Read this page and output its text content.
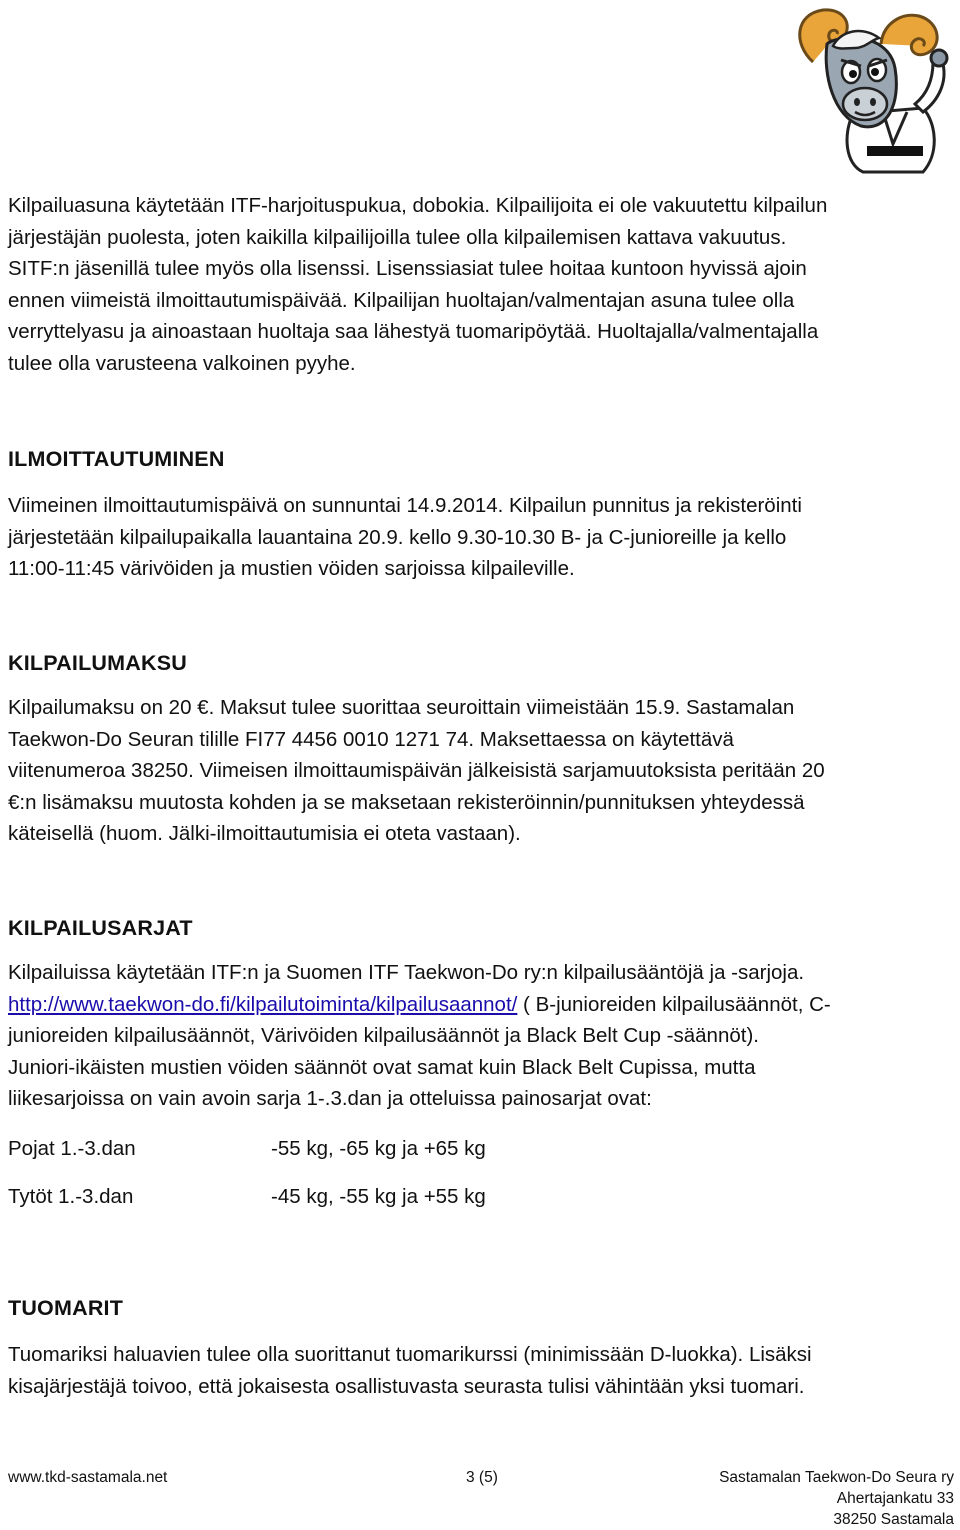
Kilpailuasuna käytetään ITF-harjoituspukua, dobokia. Kilpailijoita ei ole vakuutettu kilpailun
järjestäjän puolesta, joten kaikilla kilpailijoilla tulee olla kilpailemisen kattava vakuutus.
SITF:n jäsenillä tulee myös olla lisenssi. Lisenssiasiat tulee hoitaa kuntoon hyvissä ajoin
ennen viimeistä ilmoittautumispäivää. Kilpailijan huoltajan/valmentajan asuna tulee olla
verryttelyasu ja ainoastaan huoltaja saa lähestyä tuomaripöytää. Huoltajalla/valmentajalla
tulee olla varusteena valkoinen pyyhe.
ILMOITTAUTUMINEN
Viimeinen ilmoittautumispäivä on sunnuntai 14.9.2014. Kilpailun punnitus ja rekisteröinti
järjestetään kilpailupaikalla lauantaina 20.9. kello 9.30-10.30 B- ja C-junioreille ja kello
11:00-11:45 värivöiden ja mustien vöiden sarjoissa kilpaileville.
KILPAILUMAKSU
Kilpailumaksu on 20 €. Maksut tulee suorittaa seuroittain viimeistään 15.9. Sastamalan
Taekwon-Do Seuran tilille FI77 4456 0010 1271 74. Maksettaessa on käytettävä
viitenumeroa 38250. Viimeisen ilmoittaumispäivän jälkeisistä sarjamuutoksista peritään 20
€:n lisämaksu muutosta kohden ja se maksetaan rekisteröinnin/punnituksen yhteydessä
käteisellä (huom. Jälki-ilmoittautumisia ei oteta vastaan).
KILPAILUSARJAT
Kilpailuissa käytetään ITF:n ja Suomen ITF Taekwon-Do ry:n kilpailusääntöjä ja -sarjoja.
http://www.taekwon-do.fi/kilpailutoiminta/kilpailusaannot/ ( B-junioreiden kilpailusäännöt, C-
junioreiden kilpailusäännöt, Värivöiden kilpailusäännöt ja Black Belt Cup -säännöt).
Juniori-ikäisten mustien vöiden säännöt ovat samat kuin Black Belt Cupissa, mutta
liikesarjoissa on vain avoin sarja 1-.3.dan ja otteluissa painosarjat ovat:
Pojat 1.-3.dan	-55 kg, -65 kg ja +65 kg
Tytöt 1.-3.dan	-45 kg, -55 kg ja +55 kg
TUOMARIT
Tuomariksi haluavien tulee olla suorittanut tuomarikurssi (minimissään D-luokka). Lisäksi
kisajärjestäjä toivoo, että jokaisesta osallistuvasta seurasta tulisi vähintään yksi tuomari.
www.tkd-sastamala.net	3 (5)	Sastamalan Taekwon-Do Seura ry
Ahertajankatu 33
38250 Sastamala
